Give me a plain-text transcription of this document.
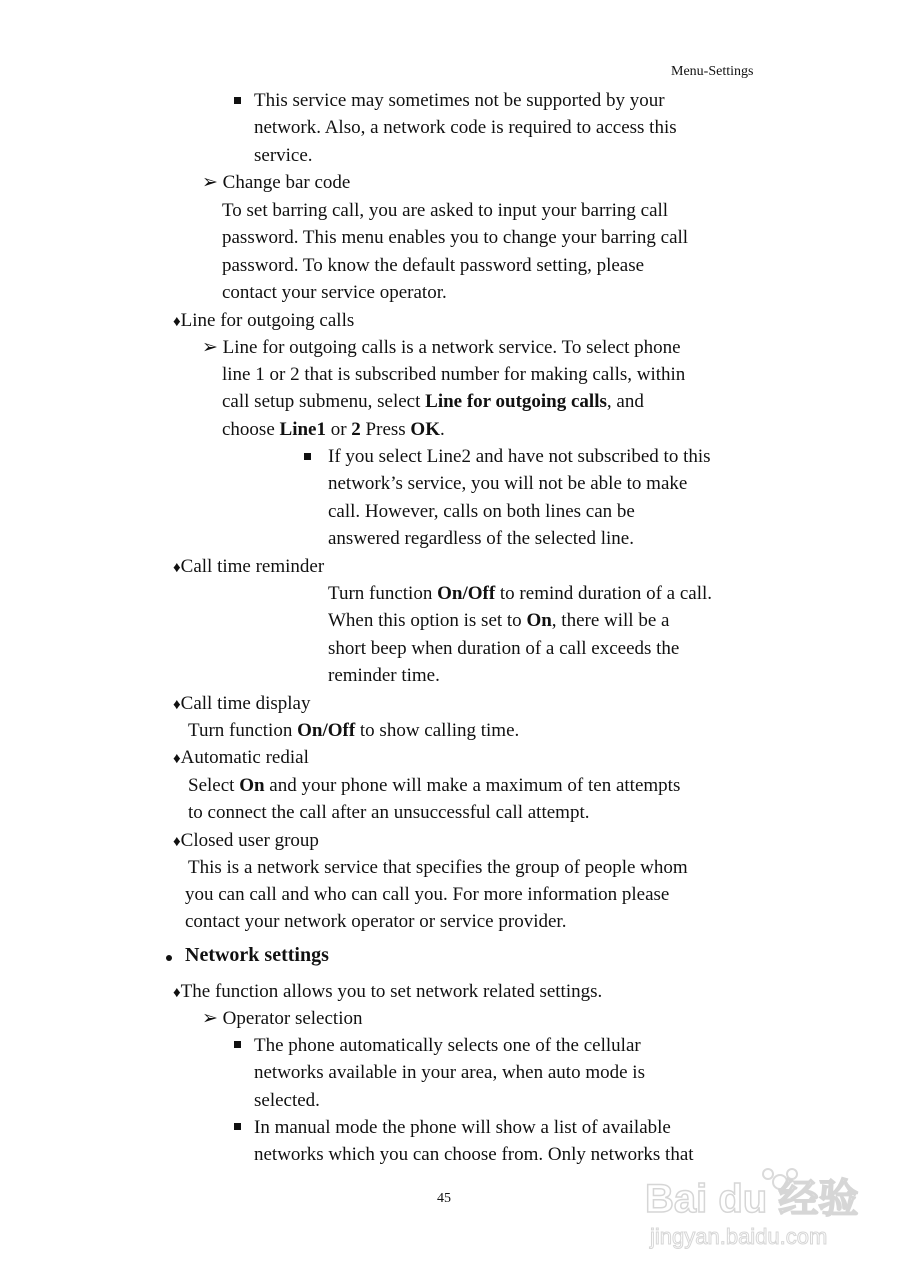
Menu-Settings
This service may sometimes not be supported by your
network. Also, a network code is required to access this
service.
➢ Change bar code
To set barring call, you are asked to input your barring call
password. This menu enables you to change your barring call
password. To know the default password setting, please
contact your service operator.
♦Line for outgoing calls
➢ Line for outgoing calls is a network service. To select phone
line 1 or 2 that is subscribed number for making calls, within
call setup submenu, select Line for outgoing calls, and
choose Line1 or 2 Press OK.
If you select Line2 and have not subscribed to this
network’s service, you will not be able to make
call. However, calls on both lines can be
answered regardless of the selected line.
♦Call time reminder
Turn function On/Off to remind duration of a call.
When this option is set to On, there will be a
short beep when duration of a call exceeds the
reminder time.
♦Call time display
Turn function On/Off to show calling time.
♦Automatic redial
Select On and your phone will make a maximum of ten attempts
to connect the call after an unsuccessful call attempt.
♦Closed user group
This is a network service that specifies the group of people whom
you can call and who can call you. For more information please
contact your network operator or service provider.
Network settings
♦The function allows you to set network related settings.
➢ Operator selection
The phone automatically selects one of the cellular
networks available in your area, when auto mode is
selected.
In manual mode the phone will show a list of available
networks which you can choose from. Only networks that
45	Bai du 经验
jingyan.baidu.com
